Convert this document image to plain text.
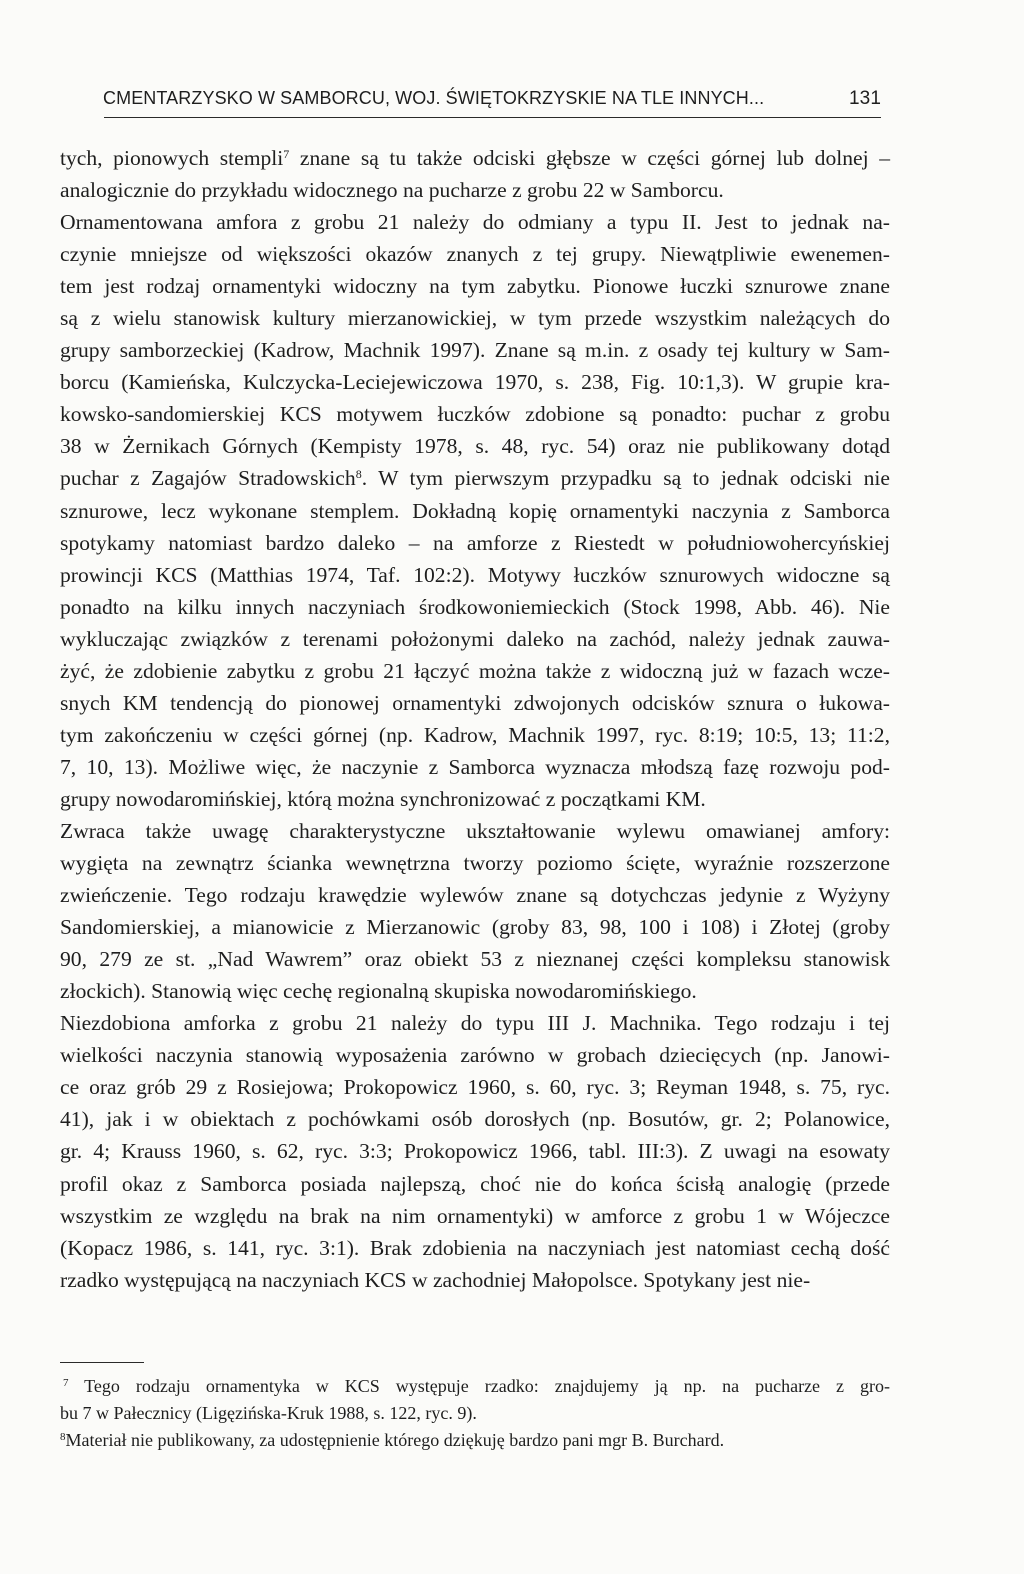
CMENTARZYSKO W SAMBORCU, WOJ. ŚWIĘTOKRZYSKIE NA TLE INNYCH...	131
tych, pionowych stempli$^7$ znane są tu także odciski głębsze w części górnej lub dolnej –
analogicznie do przykładu widocznego na pucharze z grobu 22 w Samborcu.
Ornamentowana amfora z grobu 21 należy do odmiany a typu II. Jest to jednak na-
czynie mniejsze od większości okazów znanych z tej grupy. Niewątpliwie ewenemen-
tem jest rodzaj ornamentyki widoczny na tym zabytku. Pionowe łuczki sznurowe znane
są z wielu stanowisk kultury mierzanowickiej, w tym przede wszystkim należących do
grupy samborzeckiej (Kadrow, Machnik 1997). Znane są m.in. z osady tej kultury w Sam-
borcu (Kamieńska, Kulczycka-Leciejewiczowa 1970, s. 238, Fig. 10:1,3). W grupie kra-
kowsko-sandomierskiej KCS motywem łuczków zdobione są ponadto: puchar z grobu
38 w Żernikach Górnych (Kempisty 1978, s. 48, ryc. 54) oraz nie publikowany dotąd
puchar z Zagajów Stradowskich$^8$. W tym pierwszym przypadku są to jednak odciski nie
sznurowe, lecz wykonane stemplem. Dokładną kopię ornamentyki naczynia z Samborca
spotykamy natomiast bardzo daleko – na amforze z Riestedt w południowohercyńskiej
prowincji KCS (Matthias 1974, Taf. 102:2). Motywy łuczków sznurowych widoczne są
ponadto na kilku innych naczyniach środkowoniemieckich (Stock 1998, Abb. 46). Nie
wykluczając związków z terenami położonymi daleko na zachód, należy jednak zauwa-
żyć, że zdobienie zabytku z grobu 21 łączyć można także z widoczną już w fazach wcze-
snych KM tendencją do pionowej ornamentyki zdwojonych odcisków sznura o łukowa-
tym zakończeniu w części górnej (np. Kadrow, Machnik 1997, ryc. 8:19; 10:5, 13; 11:2,
7, 10, 13). Możliwe więc, że naczynie z Samborca wyznacza młodszą fazę rozwoju pod-
grupy nowodaromińskiej, którą można synchronizować z początkami KM.
Zwraca także uwagę charakterystyczne ukształtowanie wylewu omawianej amfory:
wygięta na zewnątrz ścianka wewnętrzna tworzy poziomo ścięte, wyraźnie rozszerzone
zwieńczenie. Tego rodzaju krawędzie wylewów znane są dotychczas jedynie z Wyżyny
Sandomierskiej, a mianowicie z Mierzanowic (groby 83, 98, 100 i 108) i Złotej (groby
90, 279 ze st. „Nad Wawrem” oraz obiekt 53 z nieznanej części kompleksu stanowisk
złockich). Stanowią więc cechę regionalną skupiska nowodaromińskiego.
Niezdobiona amforka z grobu 21 należy do typu III J. Machnika. Tego rodzaju i tej
wielkości naczynia stanowią wyposażenia zarówno w grobach dziecięcych (np. Janowi-
ce oraz grób 29 z Rosiejowa; Prokopowicz 1960, s. 60, ryc. 3; Reyman 1948, s. 75, ryc.
41), jak i w obiektach z pochówkami osób dorosłych (np. Bosutów, gr. 2; Polanowice,
gr. 4; Krauss 1960, s. 62, ryc. 3:3; Prokopowicz 1966, tabl. III:3). Z uwagi na esowaty
profil okaz z Samborca posiada najlepszą, choć nie do końca ścisłą analogię (przede
wszystkim ze względu na brak na nim ornamentyki) w amforce z grobu 1 w Wójeczce
(Kopacz 1986, s. 141, ryc. 3:1). Brak zdobienia na naczyniach jest natomiast cechą dość
rzadko występującą na naczyniach KCS w zachodniej Małopolsce. Spotykany jest nie-
$^7$ Tego rodzaju ornamentyka w KCS występuje rzadko: znajdujemy ją np. na pucharze z gro-
bu 7 w Pałecznicy (Ligęzińska-Kruk 1988, s. 122, ryc. 9).
$^8$Materiał nie publikowany, za udostępnienie którego dziękuję bardzo pani mgr B. Burchard.
